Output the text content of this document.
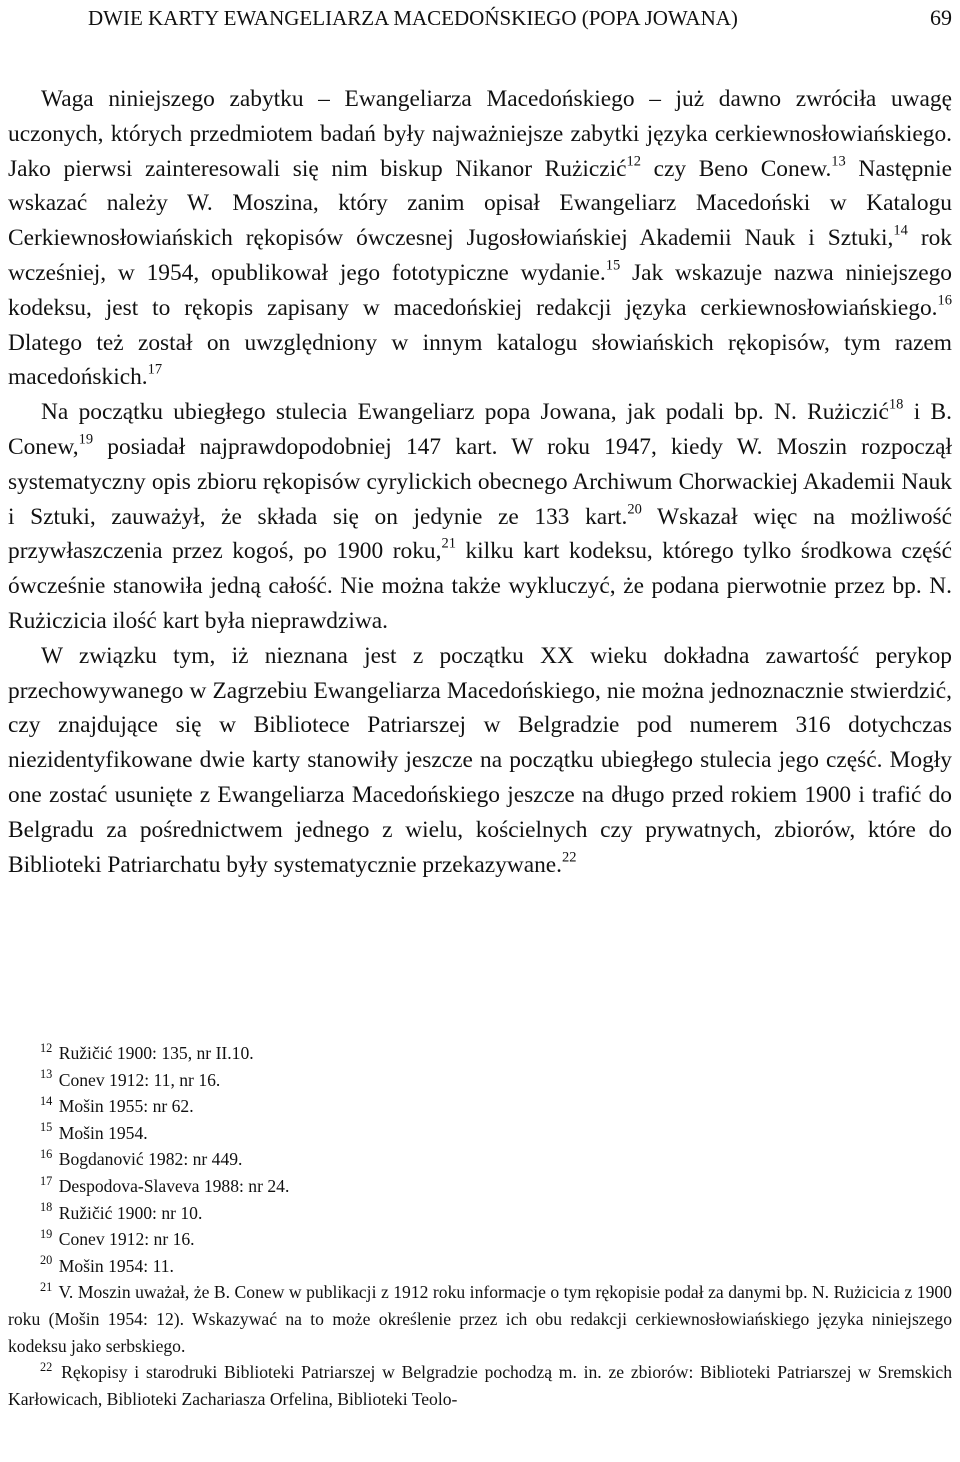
DWIE KARTY EWANGELIARZA MACEDOŃSKIEGO (POPA JOWANA)	69

Waga niniejszego zabytku – Ewangeliarza Macedońskiego – już dawno zwróciła uwagę uczonych, których przedmiotem badań były najważniejsze zabytki języka cerkiewnosłowiańskiego. Jako pierwsi zainteresowali się nim biskup Nikanor Rużiczić$^{12}$ czy Beno Conew.$^{13}$ Następnie wskazać należy W. Moszina, który zanim opisał Ewangeliarz Macedoński w Katalogu Cerkiewnosłowiańskich rękopisów ówczesnej Jugosłowiańskiej Akademii Nauk i Sztuki,$^{14}$ rok wcześniej, w 1954, opublikował jego fototypiczne wydanie.$^{15}$ Jak wskazuje nazwa niniejszego kodeksu, jest to rękopis zapisany w macedońskiej redakcji języka cerkiewnosłowiańskiego.$^{16}$ Dlatego też został on uwzględniony w innym katalogu słowiańskich rękopisów, tym razem macedońskich.$^{17}$

Na początku ubiegłego stulecia Ewangeliarz popa Jowana, jak podali bp. N. Rużiczić$^{18}$ i B. Conew,$^{19}$ posiadał najprawdopodobniej 147 kart. W roku 1947, kiedy W. Moszin rozpoczął systematyczny opis zbioru rękopisów cyrylickich obecnego Archiwum Chorwackiej Akademii Nauk i Sztuki, zauważył, że składa się on jedynie ze 133 kart.$^{20}$ Wskazał więc na możliwość przywłaszczenia przez kogoś, po 1900 roku,$^{21}$ kilku kart kodeksu, którego tylko środkowa część ówcześnie stanowiła jedną całość. Nie można także wykluczyć, że podana pierwotnie przez bp. N. Rużiczicia ilość kart była nieprawdziwa.

W związku tym, iż nieznana jest z początku XX wieku dokładna zawartość perykop przechowywanego w Zagrzebiu Ewangeliarza Macedońskiego, nie można jednoznacznie stwierdzić, czy znajdujące się w Bibliotece Patriarszej w Belgradzie pod numerem 316 dotychczas niezidentyfikowane dwie karty stanowiły jeszcze na początku ubiegłego stulecia jego część. Mogły one zostać usunięte z Ewangeliarza Macedońskiego jeszcze na długo przed rokiem 1900 i trafić do Belgradu za pośrednictwem jednego z wielu, kościelnych czy prywatnych, zbiorów, które do Biblioteki Patriarchatu były systematycznie przekazywane.$^{22}$

$^{12}$ Ružičić 1900: 135, nr II.10.
$^{13}$ Conev 1912: 11, nr 16.
$^{14}$ Mošin 1955: nr 62.
$^{15}$ Mošin 1954.
$^{16}$ Bogdanović 1982: nr 449.
$^{17}$ Despodova-Slaveva 1988: nr 24.
$^{18}$ Ružičić 1900: nr 10.
$^{19}$ Conev 1912: nr 16.
$^{20}$ Mošin 1954: 11.
$^{21}$ V. Moszin uważał, że B. Conew w publikacji z 1912 roku informacje o tym rękopisie podał za danymi bp. N. Rużicicia z 1900 roku (Mošin 1954: 12). Wskazywać na to może określenie przez ich obu redakcji cerkiewnosłowiańskiego języka niniejszego kodeksu jako serbskiego.
$^{22}$ Rękopisy i starodruki Biblioteki Patriarszej w Belgradzie pochodzą m. in. ze zbiorów: Biblioteki Patriarszej w Sremskich Karłowicach, Biblioteki Zachariasza Orfelina, Biblioteki Teolo-
